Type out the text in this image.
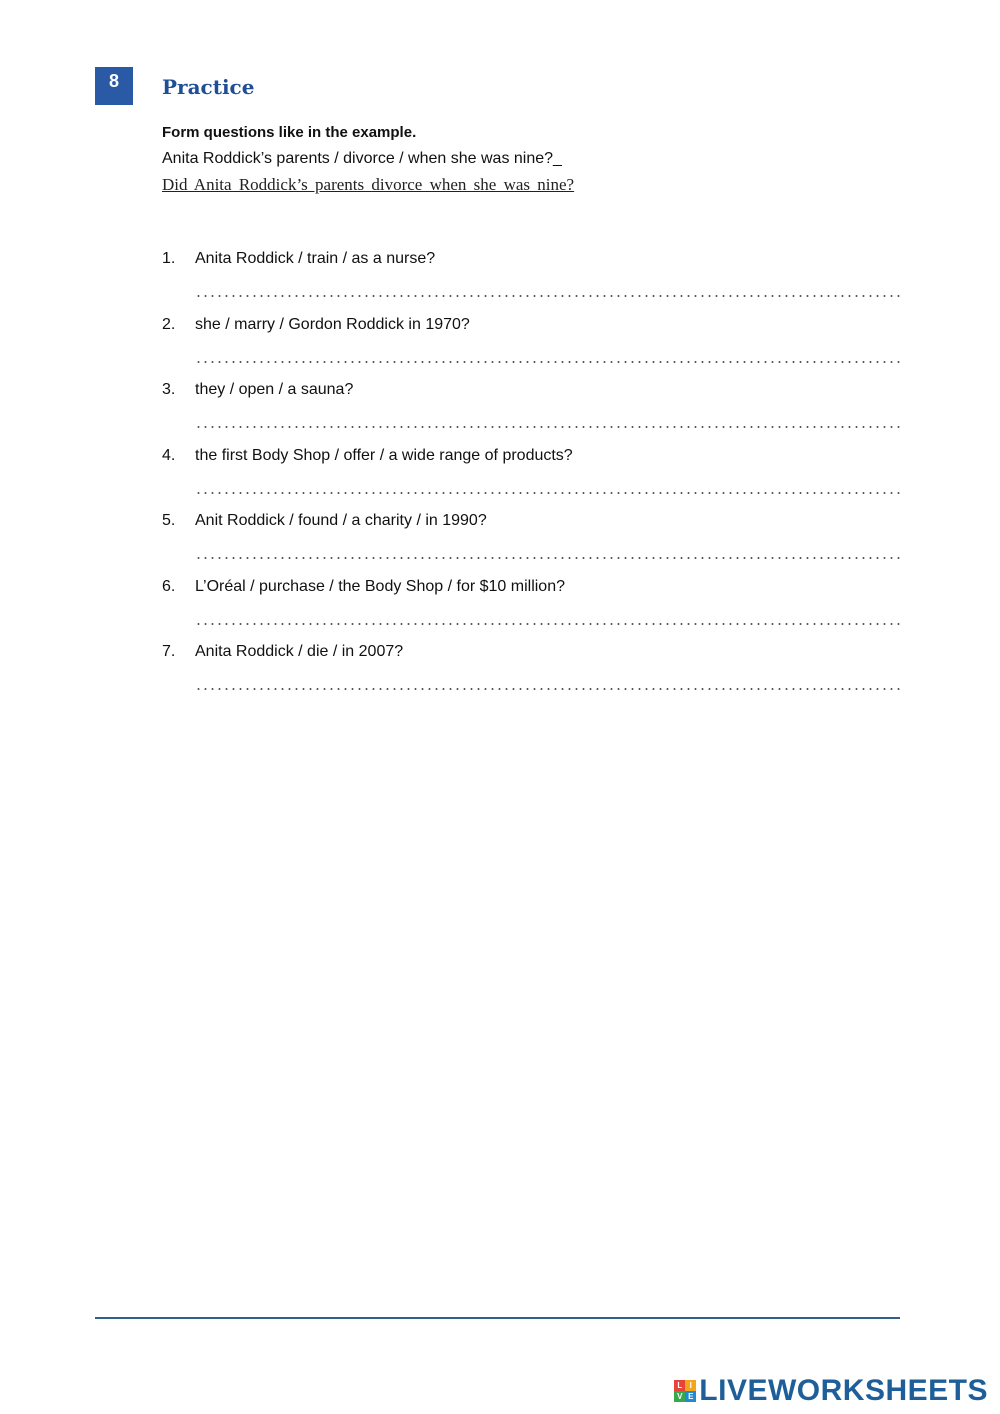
8	Practice
Form questions like in the example.
Anita Roddick’s parents / divorce / when she was nine?_
Did Anita Roddick’s parents divorce when she was nine?
1. Anita Roddick / train / as a nurse?
2. she / marry / Gordon Roddick in 1970?
3. they / open / a sauna?
4. the first Body Shop / offer / a wide range of products?
5. Anit Roddick / found / a charity / in 1990?
6. L’Oréal / purchase / the Body Shop / for $10 million?
7. Anita Roddick / die / in 2007?
L I
V E LIVEWORKSHEETS
